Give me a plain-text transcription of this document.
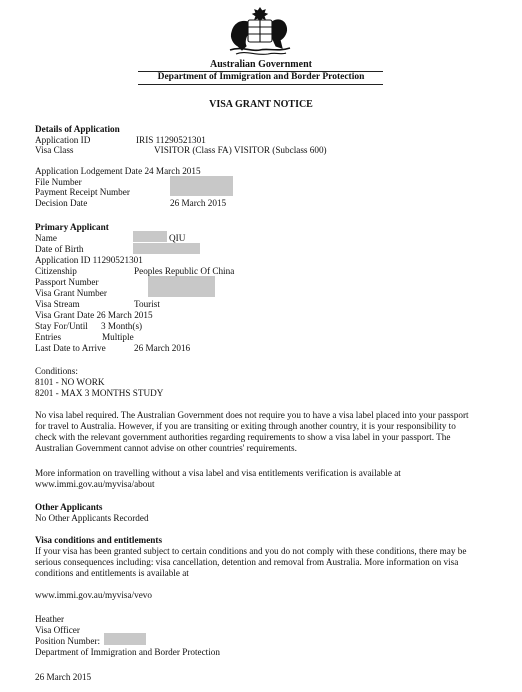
Australian Government
Department of Immigration and Border Protection
VISA GRANT NOTICE
Details of Application
Application ID	IRIS 11290521301
Visa Class	VISITOR (Class FA) VISITOR (Subclass 600)
Application Lodgement Date 24 March 2015
File Number
Payment Receipt Number
Decision Date	26 March 2015
Primary Applicant
Name	QIU
Date of Birth
Application ID 11290521301
Citizenship	Peoples Republic Of China
Passport Number
Visa Grant Number
Visa Stream	Tourist
Visa Grant Date 26 March 2015
Stay For/Until 3 Month(s)
Entries	Multiple
Last Date to Arrive	26 March 2016
Conditions:
8101 - NO WORK
8201 - MAX 3 MONTHS STUDY
No visa label required. The Australian Government does not require you to have a visa label placed into your passport for travel to Australia. However, if you are transiting or exiting through another country, it is your responsibility to check with the relevant government authorities regarding requirements to show a visa label in your passport. The Australian Government cannot advise on other countries' requirements.
More information on travelling without a visa label and visa entitlements verification is available at www.immi.gov.au/myvisa/about
Other Applicants
No Other Applicants Recorded
Visa conditions and entitlements
If your visa has been granted subject to certain conditions and you do not comply with these conditions, there may be serious consequences including: visa cancellation, detention and removal from Australia. More information on visa conditions and entitlements is available at
www.immi.gov.au/myvisa/vevo
Heather
Visa Officer
Position Number:
Department of Immigration and Border Protection
26 March 2015
